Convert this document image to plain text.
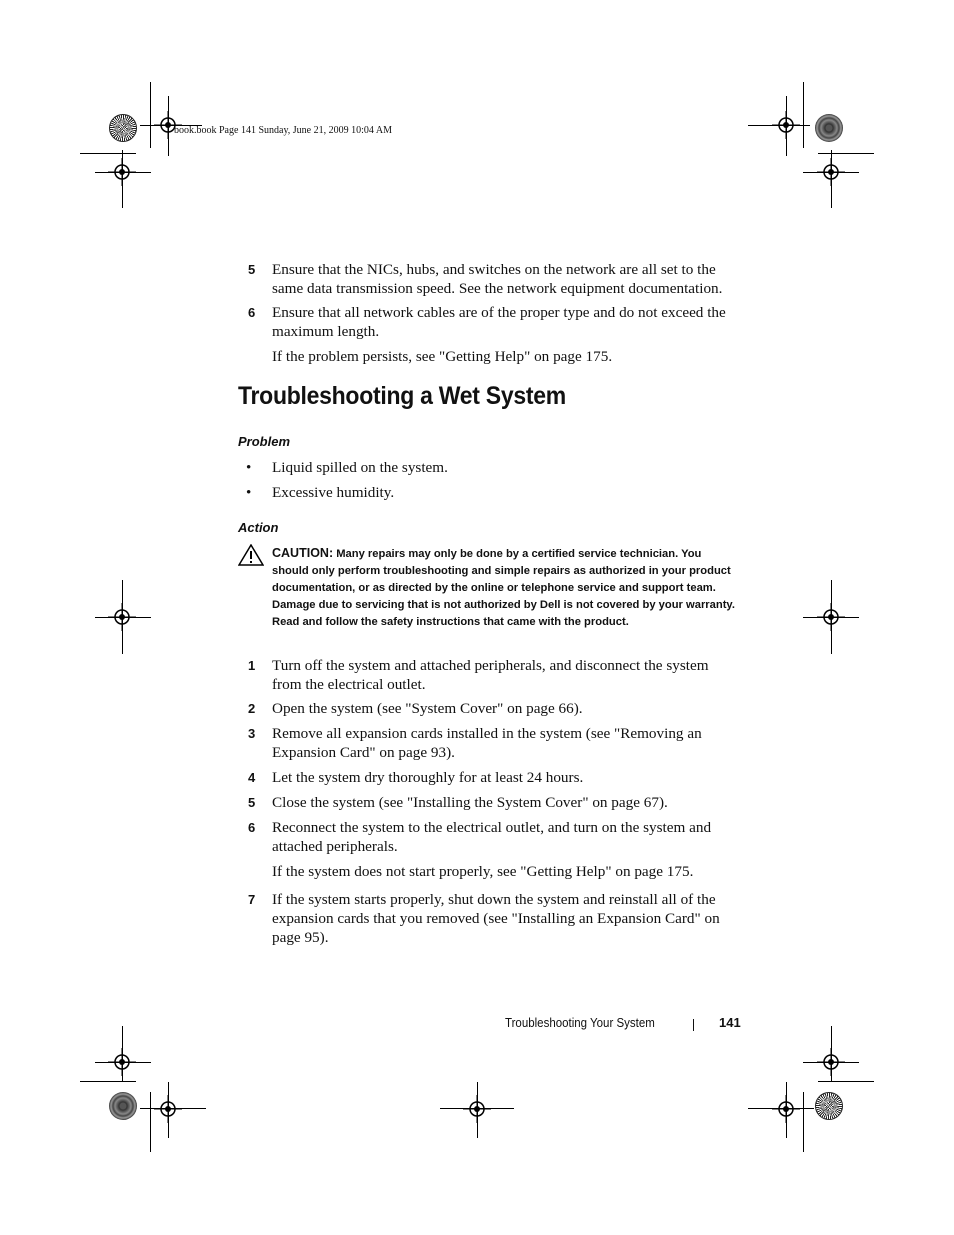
book.book Page 141 Sunday, June 21, 2009 10:04 AM
5	Ensure that the NICs, hubs, and switches on the network are all set to the same data transmission speed. See the network equipment documentation.
6	Ensure that all network cables are of the proper type and do not exceed the maximum length.
If the problem persists, see "Getting Help" on page 175.
Troubleshooting a Wet System
Problem
• Liquid spilled on the system.
• Excessive humidity.
Action
CAUTION: Many repairs may only be done by a certified service technician. You should only perform troubleshooting and simple repairs as authorized in your product documentation, or as directed by the online or telephone service and support team. Damage due to servicing that is not authorized by Dell is not covered by your warranty. Read and follow the safety instructions that came with the product.
1	Turn off the system and attached peripherals, and disconnect the system from the electrical outlet.
2	Open the system (see "System Cover" on page 66).
3	Remove all expansion cards installed in the system (see "Removing an Expansion Card" on page 93).
4	Let the system dry thoroughly for at least 24 hours.
5	Close the system (see "Installing the System Cover" on page 67).
6	Reconnect the system to the electrical outlet, and turn on the system and attached peripherals.
If the system does not start properly, see "Getting Help" on page 175.
7	If the system starts properly, shut down the system and reinstall all of the expansion cards that you removed (see "Installing an Expansion Card" on page 95).
Troubleshooting Your System	141
